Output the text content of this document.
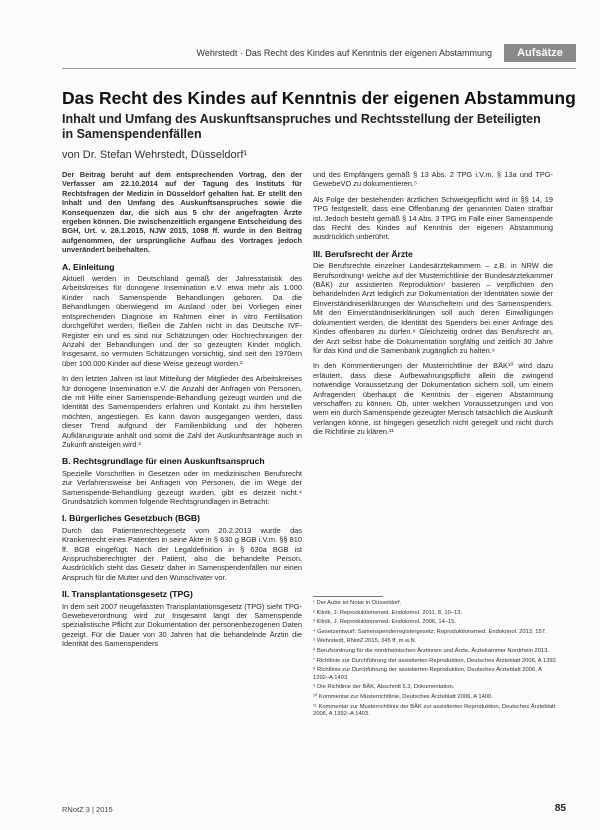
Wehrstedt · Das Recht des Kindes auf Kenntnis der eigenen Abstammung	Aufsätze
Das Recht des Kindes auf Kenntnis der eigenen Abstammung
Inhalt und Umfang des Auskunftsanspruches und Rechtsstellung der Beteiligten in Samenspendenfällen
von Dr. Stefan Wehrstedt, Düsseldorf¹

Der Beitrag beruht auf dem entsprechenden Vortrag, den der Verfasser am 22.10.2014 auf der Tagung des Instituts für Rechtsfragen der Medizin in Düsseldorf gehalten hat. Er stellt den Inhalt und den Umfang des Auskunftsanspruches sowie die Konsequenzen dar, die sich aus 5 chr der angefragten Ärzte ergeben können. Die zwischenzeitlich ergangene Entscheidung des BGH, Urt. v. 28.1.2015, NJW 2015, 1098 ff. wurde in den Beitrag aufgenommen, der ursprüngliche Aufbau des Vortrages jedoch unverändert beibehalten.

A. Einleitung

Aktuell werden in Deutschland gemäß der Jahresstatistik des Arbeitskreises für donogene Insemination e.V. etwa mehr als 1.000 Kinder nach Samenspende Behandlungen geboren. Da die Behandlungen überwiegend im Ausland oder bei Vorliegen einer entsprechenden Diagnose im Rahmen einer in vitro Fertilisation durchgeführt werden, fließen die Zahlen nicht in das Deutsche IVF-Register ein und es sind nur Schätzungen oder Hochrechnungen der Anzahl der Behandlungen und der so gezeugten Kinder möglich. Insgesamt, so vermuten Schätzungen vorsichtig, sind seit den 1970ern über 100.000 Kinder auf diese Weise gezeugt worden.²

In den letzten Jahren ist laut Mitteilung der Mitglieder des Arbeitskreises für donogene Insemination e.V. die Anzahl der Anfragen von Personen, die mit Hilfe einer Samenspende-Behandlung gezeugt wurden und die Identität des Samenspenders erfahren und Kontakt zu ihm herstellen möchten, angestiegen. Es kann davon ausgegangen werden, dass dieser Trend aufgrund der Familienbildung und der höheren Aufklärungsrate anhält und somit die Zahl der Auskunftsanträge auch in Zukunft ansteigen wird.³

B. Rechtsgrundlage für einen Auskunftsanspruch

Spezielle Vorschriften in Gesetzen oder im medizinischen Berufsrecht zur Verfahrensweise bei Anfragen von Personen, die im Wege der Samenspende-Behandlung gezeugt wurden, gibt es derzeit nicht.⁴ Grundsätzlich kommen folgende Rechtsgrundlagen in Betracht:

I. Bürgerliches Gesetzbuch (BGB)

Durch das Patientenrechtegesetz vom 20.2.2013 wurde das Krankenrecht eines Patienten in seine Akte in § 630 g BGB i.V.m. §§ 810 ff. BGB eingefügt. Nach der Legaldefinition in § 630a BGB ist Anspruchsberechtigter der Patient, also die behandelte Person. Ausdrücklich steht das Gesetz daher in Samenspendenfällen nur einen Anspruch für die Mutter und den Wunschvater vor.

II. Transplantationsgesetz (TPG)

In dem seit 2007 neugefassten Transplantationsgesetz (TPG) sieht TPG-Gewebeverordnung wird zur Insgesamt langt der Samenspende spezialistische Pflicht zur Dokumentation der personenbezogenen Daten gezeigt. Für die Dauer von 30 Jahren hat die behandelnde Ärztin die Identität des Samenspenders

und des Empfängers gemäß § 13 Abs. 2 TPG i.V.m. § 13a und TPG-GewebeVO zu dokumentieren.⁵

Als Folge der bestehenden ärztlichen Schweigepflicht wird in §§ 14, 19 TPG festgestellt, dass eine Offenbarung der genannten Daten strafbar ist. Jedoch besteht gemäß § 14 Abs. 3 TPG im Falle einer Samenspende das Recht des Kindes auf Kenntnis der eigenen Abstammung ausdrücklich unberührt.

III. Berufsrecht der Ärzte

Die Berufsrechte einzelner Landesärztekammern – z.B. in NRW die Berufsordnung⁶ welche auf der Musterrichtlinie der Bundesärztekammer (BÄK) zur assistierten Reproduktion⁷ basieren – verpflichten den behandelnden Arzt lediglich zur Dokumentation der Identitäten sowie der Einverständniserklärungen der Wunscheltern und des Samenspenders. Mit den Einverständniserklärungen soll auch deren Einwilligungen dokumentiert werden, die Identität des Spenders bei einer Anfrage des Kindes offenbaren zu dürfen.⁸ Gleichzeitig ordnet das Berufsrecht an, der Arzt selbst habe die Dokumentation sorgfältig und zeitlich 30 Jahre für das Kind und die Samenbank zugänglich zu halten.⁹

In den Kommentierungen der Musterrichtlinie der BÄK¹⁰ wird dazu erläutert, dass diese Aufbewahrungspflicht allein die zwingend notwendige Voraussetzung der Dokumentation sichern soll, um einem Anfragenden überhaupt die Kenntnis der eigenen Abstammung verschaffen zu können. Ob, unter welchen Voraussetzungen und von wem ein durch Samenspende gezeugter Mensch tatsächlich die Auskunft verlangen könne, ist hingegen gesetzlich nicht geregelt und nicht durch die Richtlinie zu klären.¹¹

¹ Der Autor ist Notar in Düsseldorf.
² Klinik, J. Reproduktionsmed. Endokrinol. 2011, 8, 10–13.
³ Klinik, J. Reproduktionsmed. Endokrinol. 2006, 14–15.
⁴ Gesetzentwurf: Samenspenderregistergesetz; Reproduktionsmed. Endokrinol. 2013, 157.
⁵ Wehrstedt, RNotZ 2015, 345 ff. m.w.N.
⁶ Berufsordnung für die nordrheinischen Ärztinnen und Ärzte, Ärztekammer Nordrhein 2013.
⁷ Richtlinie zur Durchführung der assistierten Reproduktion, Deutsches Ärzteblatt 2006, A 1392.
⁸ Richtlinie zur Durchführung der assistierten Reproduktion, Deutsches Ärzteblatt 2006, A 1392–A 1403.
⁹ Die Richtlinie der BÄK, Abschnitt 5.3, Dokumentation.
¹⁰ Kommentar zur Musterrichtlinie, Deutsches Ärzteblatt 2006, A 1400.
¹¹ Kommentar zur Musterrichtlinie der BÄK zur assistierten Reproduktion, Deutsches Ärzteblatt 2006, A 1392–A 1403.
RNotZ 3 | 2015	85
